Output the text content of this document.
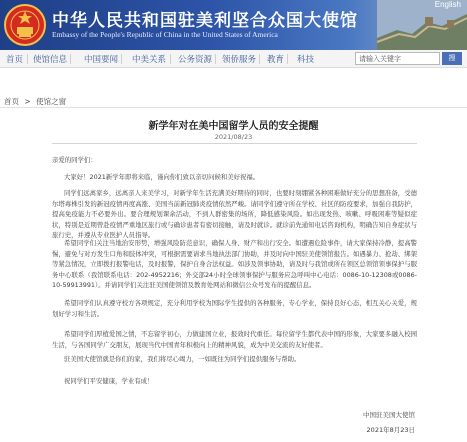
中华人民共和国驻美利坚合众国大使馆
Embassy of the People's Republic of China in the United States of America
English
首页 使馆信息 中国要闻 中美关系 公务资源 领侨服务 教育 科技	请输入关键字	搜
首页 > 使馆之窗
新学年对在美中国留学人员的安全提醒
2021/08/23
亲爱的同学们：
大家好！2021新学年即将来临，谨向你们致以亲切问候和美好祝福。
同学们远离家乡，远离亲人来美学习，对新学年生活充满美好期待的同时，也要时刻绷紧各种困难做好充分的思想准备，受德尔塔毒株引发的新冠疫情再度高涨、美国当前新冠肺炎疫情依然严峻。请同学们遵守所在学校、社区的防疫要求，加强自我防护，提高免疫能力不必要外出。要合理规划课余活动，不到人群密集的场所，降低感染风险。如出现发热、咳嗽、呼吸困难等疑似症状，特别是近期曾赴疫情严重地区旅行或与确诊患者有密切接触，请及时就诊。就诊前先通知电话咨询机构，明确告知自身症状与旅行史，并遵从专业医护人员指导。
希望同学们关注当地治安形势，增强风险防范意识，确保人身、财产和出行安全。如遭遇危险事件，请大家保持冷静，提高警惕，避免与对方发生口角和肢体冲突，可根据需要请求当地执法部门协助，并及时向中国驻美使领馆报告。如遇暴力、抢劫、绑架等紧急情况，立即拨打报警电话，及时报警，保护自身合法权益。如涉及领事协助，请及时与我馆或所在领区总领馆领事保护与服务中心联系（我馆联系电话：202-4952216；外交部24小时全球领事保护与服务应急呼叫中心电话：0086-10-12308或0086-10-59913991）。并请同学们关注驻美国使领馆及教育处网站和微信公众号发布的提醒信息。
希望同学们认真遵守校方各项规定，充分利用学校为国际学生提供的各种服务，专心学业，保持良好心态，相互关心关爱，规划好学习和生活。
希望同学们厚植爱国之情，不忘留学初心，力做建国立业，报效时代重任。每位留学生都代表中国的形象，大家要多融入校园生活，与各国同学广交朋友，展现当代中国青年积极向上的精神风貌，成为中美交流的友好使者。
驻美国大使馆就是你们的家，我们将尽心竭力，一如既往为同学们提供服务与帮助。
祝同学们平安健康，学业有成！
中国驻美国大使馆
2021年8月23日
